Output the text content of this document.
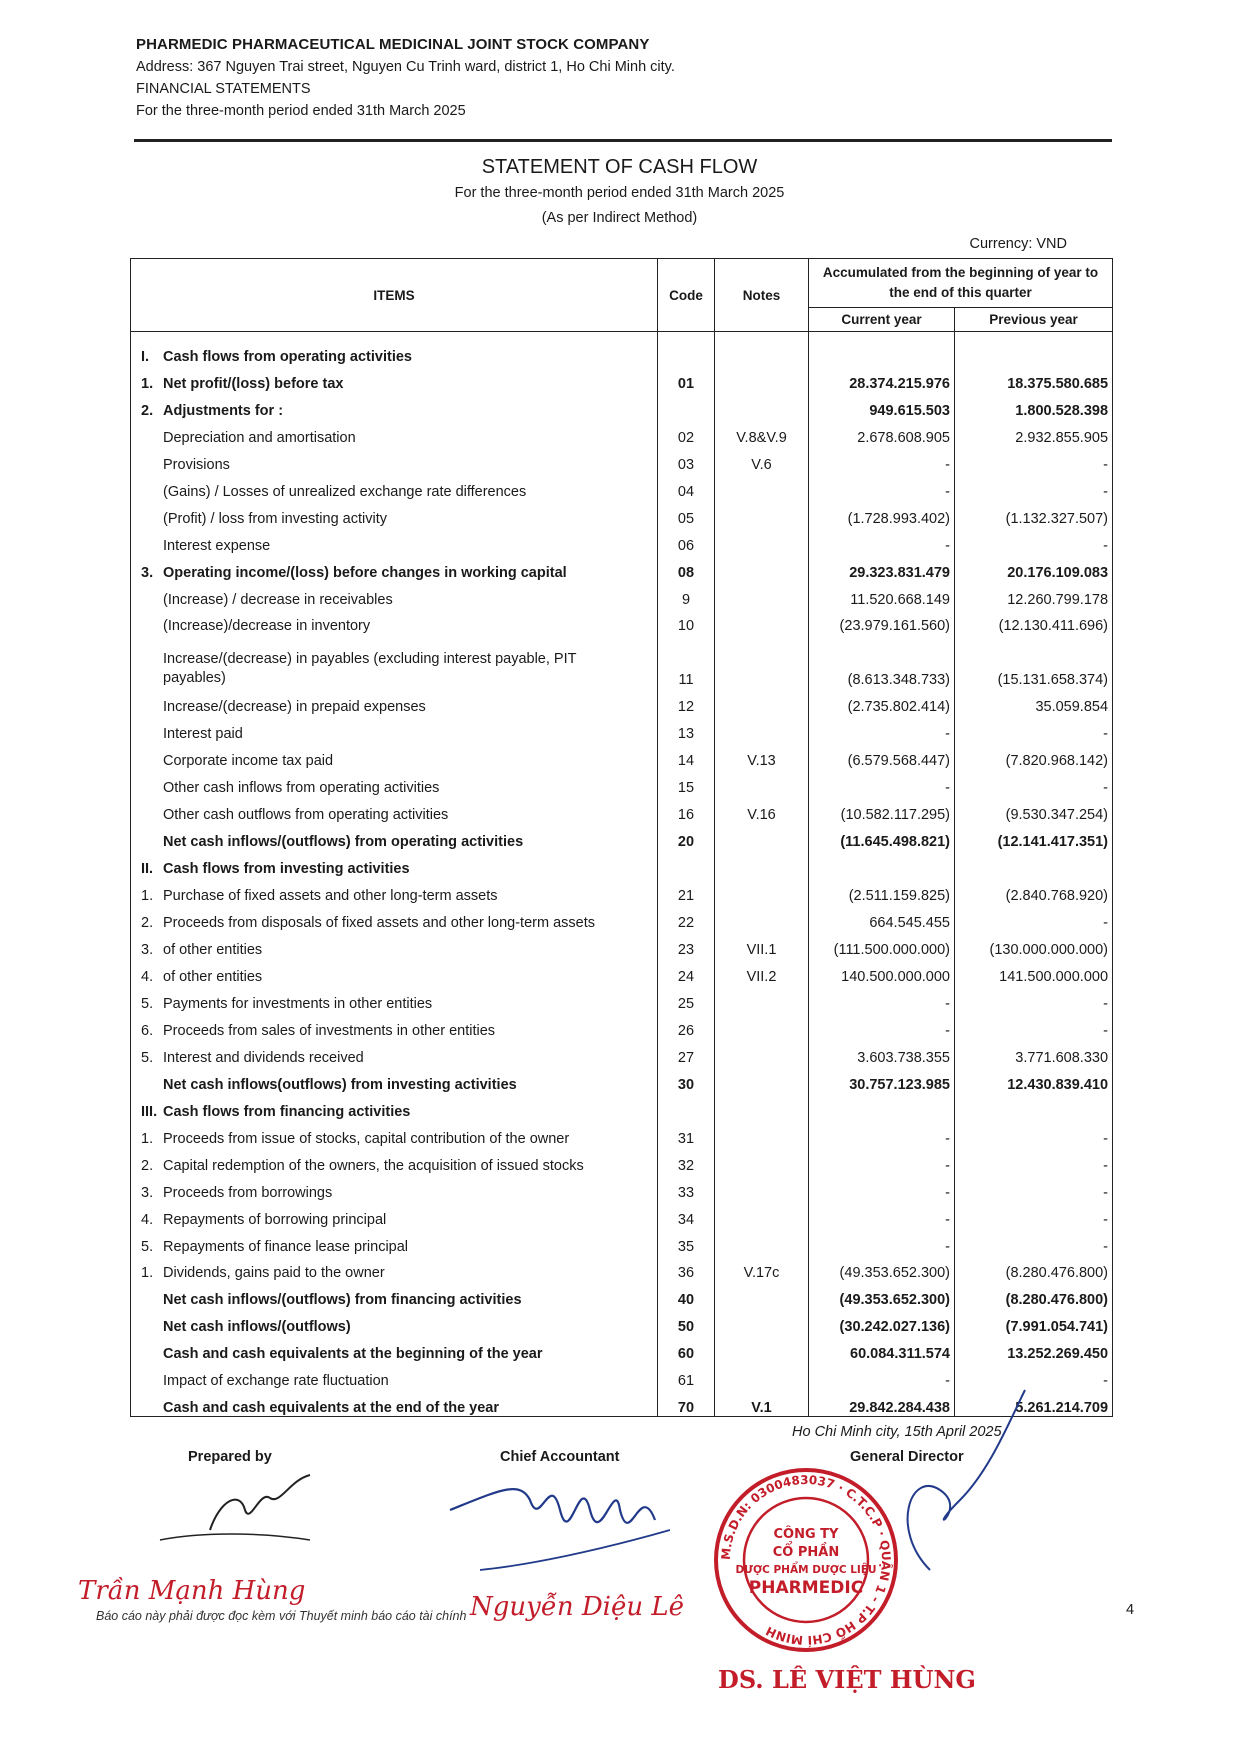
PHARMEDIC PHARMACEUTICAL MEDICINAL JOINT STOCK COMPANY
Address: 367 Nguyen Trai street, Nguyen Cu Trinh ward, district 1, Ho Chi Minh city.
FINANCIAL STATEMENTS
For the three-month period ended 31th March 2025
STATEMENT OF CASH FLOW
For the three-month period ended 31th March 2025
(As per Indirect Method)
Currency: VND
ITEMS	Code	Notes	Accumulated from the beginning of year to the end of this quarter	
			Current year	Previous year
I. Cash flows from operating activities				
1. Net profit/(loss) before tax	01		28.374.215.976	18.375.580.685
2. Adjustments for :			949.615.503	1.800.528.398
Depreciation and amortisation	02	V.8&V.9	2.678.608.905	2.932.855.905
Provisions	03	V.6	-	-
(Gains) / Losses of unrealized exchange rate differences	04		-	-
(Profit) / loss from investing activity	05		(1.728.993.402)	(1.132.327.507)
Interest expense	06		-	-
3. Operating income/(loss) before changes in working capital	08		29.323.831.479	20.176.109.083
(Increase) / decrease in receivables	9		11.520.668.149	12.260.799.178
(Increase)/decrease in inventory	10		(23.979.161.560)	(12.130.411.696)
Increase/(decrease) in payables (excluding interest payable, PIT payables)	11		(8.613.348.733)	(15.131.658.374)
Increase/(decrease) in prepaid expenses	12		(2.735.802.414)	35.059.854
Interest paid	13		-	-
Corporate income tax paid	14	V.13	(6.579.568.447)	(7.820.968.142)
Other cash inflows from operating activities	15		-	-
Other cash outflows from operating activities	16	V.16	(10.582.117.295)	(9.530.347.254)
Net cash inflows/(outflows) from operating activities	20		(11.645.498.821)	(12.141.417.351)
II. Cash flows from investing activities				
1. Purchase of fixed assets and other long-term assets	21		(2.511.159.825)	(2.840.768.920)
2. Proceeds from disposals of fixed assets and other long-term assets	22		664.545.455	-
3. of other entities	23	VII.1	(111.500.000.000)	(130.000.000.000)
4. of other entities	24	VII.2	140.500.000.000	141.500.000.000
5. Payments for investments in other entities	25		-	-
6. Proceeds from sales of investments in other entities	26		-	-
5. Interest and dividends received	27		3.603.738.355	3.771.608.330
Net cash inflows(outflows) from investing activities	30		30.757.123.985	12.430.839.410
III. Cash flows from financing activities				
1. Proceeds from issue of stocks, capital contribution of the owner	31		-	-
2. Capital redemption of the owners, the acquisition of issued stocks	32		-	-
3. Proceeds from borrowings	33		-	-
4. Repayments of borrowing principal	34		-	-
5. Repayments of finance lease principal	35		-	-
1. Dividends, gains paid to the owner	36	V.17c	(49.353.652.300)	(8.280.476.800)
Net cash inflows/(outflows) from financing activities	40		(49.353.652.300)	(8.280.476.800)
Net cash inflows/(outflows)	50		(30.242.027.136)	(7.991.054.741)
Cash and cash equivalents at the beginning of the year	60		60.084.311.574	13.252.269.450
Impact of exchange rate fluctuation	61		-	-
Cash and cash equivalents at the end of the year	70	V.1	29.842.284.438	5.261.214.709
Ho Chi Minh city, 15th April 2025
Prepared by	Chief Accountant	General Director
M.S.D.N: 0300483037 · C.T.C.P · QUẬN 1 - T.P HỒ CHÍ MINH
CÔNG TY
CỔ PHẦN
DƯỢC PHẨM DƯỢC LIỆU
PHARMEDIC
Trần Mạnh Hùng
Nguyễn Diệu Lê
DS. LÊ VIỆT HÙNG
Báo cáo này phải được đọc kèm với Thuyết minh báo cáo tài chính	4
